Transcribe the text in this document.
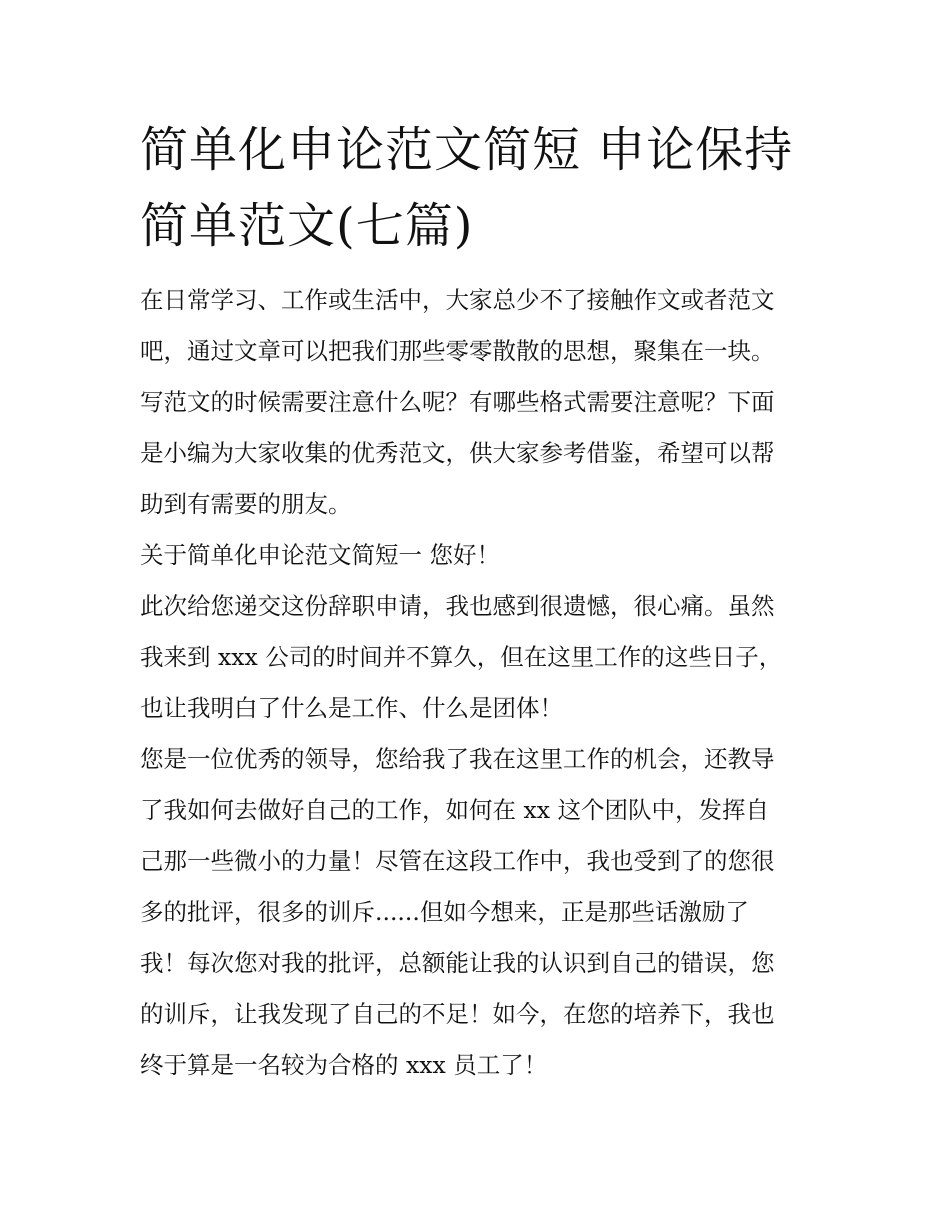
简单化申论范文简短 申论保持
简单范文(七篇)
在日常学习、工作或生活中，大家总少不了接触作文或者范文
吧，通过文章可以把我们那些零零散散的思想，聚集在一块。
写范文的时候需要注意什么呢？有哪些格式需要注意呢？下面
是小编为大家收集的优秀范文，供大家参考借鉴，希望可以帮
助到有需要的朋友。
关于简单化申论范文简短一 您好！
此次给您递交这份辞职申请，我也感到很遗憾，很心痛。虽然
我来到 xxx 公司的时间并不算久，但在这里工作的这些日子，
也让我明白了什么是工作、什么是团体！
您是一位优秀的领导，您给我了我在这里工作的机会，还教导
了我如何去做好自己的工作，如何在 xx 这个团队中，发挥自
己那一些微小的力量！尽管在这段工作中，我也受到了的您很
多的批评，很多的训斥......但如今想来，正是那些话激励了
我！每次您对我的批评，总额能让我的认识到自己的错误，您
的训斥，让我发现了自己的不足！如今，在您的培养下，我也
终于算是一名较为合格的 xxx 员工了！
